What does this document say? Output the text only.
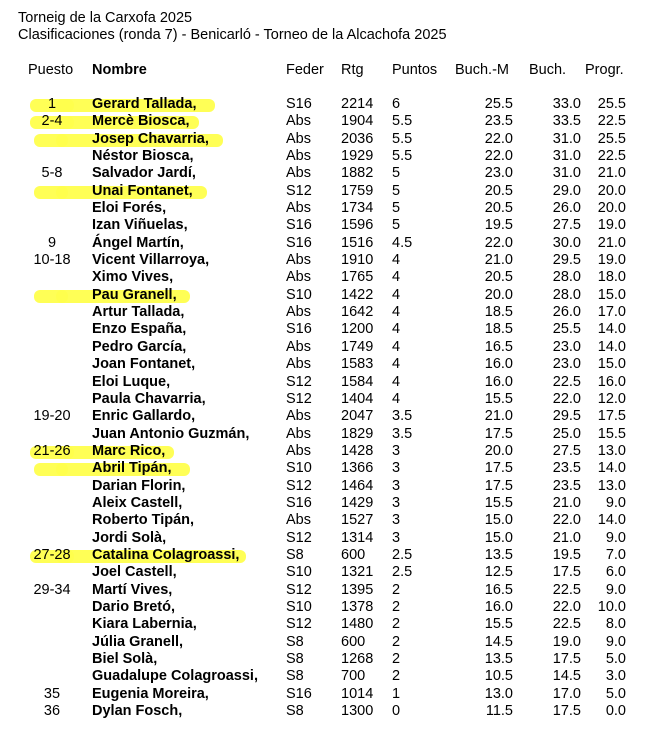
Torneig de la Carxofa 2025
Clasificaciones (ronda 7) - Benicarló - Torneo de la Alcachofa 2025
Puesto	Nombre	Feder Rtg Puntos Buch.-M Buch. Progr.
1	Gerard Tallada,	S16 2214 6	25.5	33.0	25.5
2-4	Mercè Biosca,	Abs 1904 5.5	23.5	33.5	22.5
Josep Chavarria,	Abs 2036 5.5	22.0	31.0	25.5
Néstor Biosca,	Abs 1929 5.5	22.0	31.0	22.5
5-8	Salvador Jardí,	Abs 1882 5	23.0	31.0	21.0
Unai Fontanet,	S12 1759 5	20.5	29.0	20.0
Eloi Forés,	Abs 1734 5	20.5	26.0	20.0
Izan Viñuelas,	S16 1596 5	19.5	27.5	19.0
9	Ángel Martín,	S16 1516 4.5	22.0	30.0	21.0
10-18	Vicent Villarroya,	Abs 1910 4	21.0	29.5	19.0
Ximo Vives,	Abs 1765 4	20.5	28.0	18.0
Pau Granell,	S10 1422 4	20.0	28.0	15.0
Artur Tallada,	Abs 1642 4	18.5	26.0	17.0
Enzo España,	S16 1200 4	18.5	25.5	14.0
Pedro García,	Abs 1749 4	16.5	23.0	14.0
Joan Fontanet,	Abs 1583 4	16.0	23.0	15.0
Eloi Luque,	S12 1584 4	16.0	22.5	16.0
Paula Chavarria,	S12 1404 4	15.5	22.0	12.0
19-20	Enric Gallardo,	Abs 2047 3.5	21.0	29.5	17.5
Juan Antonio Guzmán,	Abs 1829 3.5	17.5	25.0	15.5
21-26	Marc Rico,	Abs 1428 3	20.0	27.5	13.0
Abril Tipán,	S10 1366 3	17.5	23.5	14.0
Darian Florin,	S12 1464 3	17.5	23.5	13.0
Aleix Castell,	S16 1429 3	15.5	21.0	9.0
Roberto Tipán,	Abs 1527 3	15.0	22.0	14.0
Jordi Solà,	S12 1314 3	15.0	21.0	9.0
27-28	Catalina Colagroassi,	S8	600 2.5	13.5	19.5	7.0
Joel Castell,	S10 1321 2.5	12.5	17.5	6.0
29-34	Martí Vives,	S12 1395 2	16.5	22.5	9.0
Dario Bretó,	S10 1378 2	16.0	22.0	10.0
Kiara Labernia,	S12 1480 2	15.5	22.5	8.0
Júlia Granell,	S8	600 2	14.5	19.0	9.0
Biel Solà,	S8	1268 2	13.5	17.5	5.0
Guadalupe Colagroassi, S8	700 2	10.5	14.5	3.0
35	Eugenia Moreira,	S16 1014 1	13.0	17.0	5.0
36	Dylan Fosch,	S8	1300 0	11.5	17.5	0.0
